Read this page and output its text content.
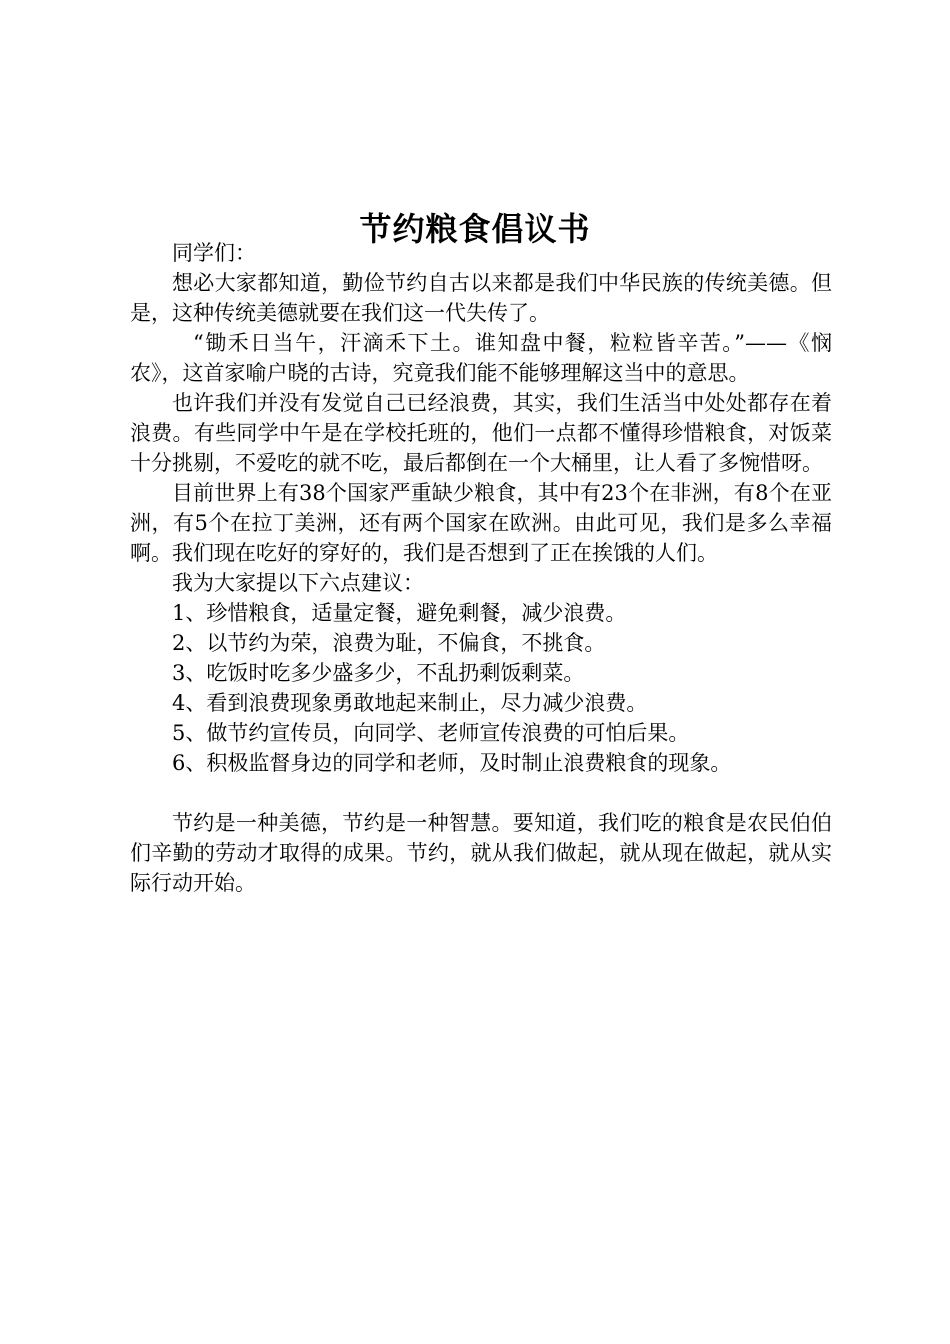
节约粮食倡议书

同学们：

想必大家都知道，勤俭节约自古以来都是我们中华民族的传统美德。但是，这种传统美德就要在我们这一代失传了。

“锄禾日当午，汗滴禾下土。谁知盘中餐，粒粒皆辛苦。”——《悯农》，这首家喻户晓的古诗，究竟我们能不能够理解这当中的意思。

也许我们并没有发觉自己已经浪费，其实，我们生活当中处处都存在着浪费。有些同学中午是在学校托班的，他们一点都不懂得珍惜粮食，对饭菜十分挑剔，不爱吃的就不吃，最后都倒在一个大桶里，让人看了多惋惜呀。

目前世界上有38个国家严重缺少粮食，其中有23个在非洲，有8个在亚洲，有5个在拉丁美洲，还有两个国家在欧洲。由此可见，我们是多么幸福啊。我们现在吃好的穿好的，我们是否想到了正在挨饿的人们。

我为大家提以下六点建议：

1、珍惜粮食，适量定餐，避免剩餐，减少浪费。

2、以节约为荣，浪费为耻，不偏食，不挑食。

3、吃饭时吃多少盛多少，不乱扔剩饭剩菜。

4、看到浪费现象勇敢地起来制止，尽力减少浪费。

5、做节约宣传员，向同学、老师宣传浪费的可怕后果。

6、积极监督身边的同学和老师，及时制止浪费粮食的现象。

节约是一种美德，节约是一种智慧。要知道，我们吃的粮食是农民伯伯们辛勤的劳动才取得的成果。节约，就从我们做起，就从现在做起，就从实际行动开始。
